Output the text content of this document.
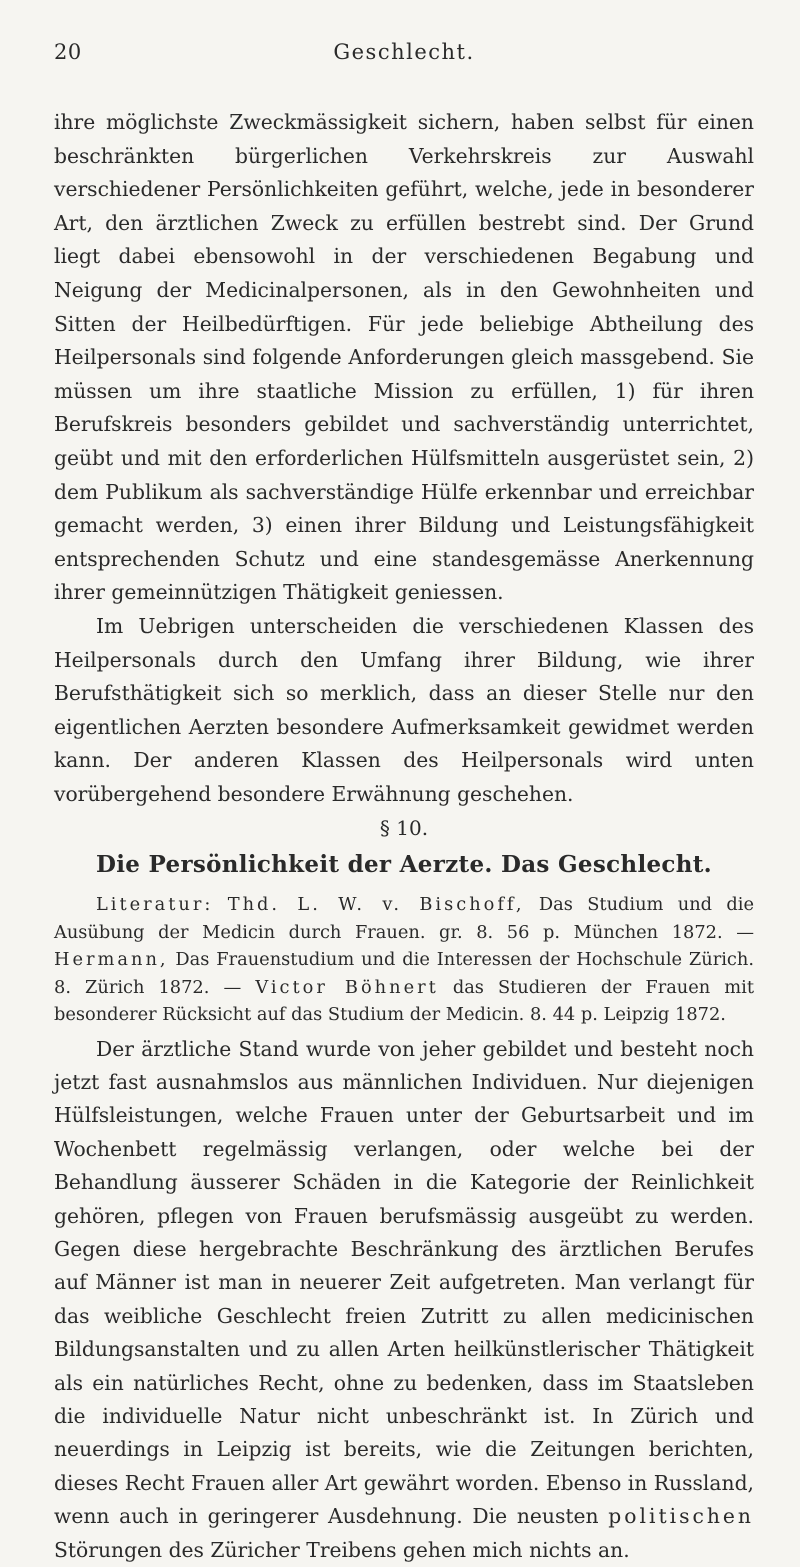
20	Geschlecht.

ihre möglichste Zweckmässigkeit sichern, haben selbst für einen beschränkten bürgerlichen Verkehrskreis zur Auswahl verschiedener Persönlichkeiten geführt, welche, jede in besonderer Art, den ärztlichen Zweck zu erfüllen bestrebt sind. Der Grund liegt dabei ebensowohl in der verschiedenen Begabung und Neigung der Medicinalpersonen, als in den Gewohnheiten und Sitten der Heilbedürftigen. Für jede beliebige Abtheilung des Heilpersonals sind folgende Anforderungen gleich massgebend. Sie müssen um ihre staatliche Mission zu erfüllen, 1) für ihren Berufskreis besonders gebildet und sachverständig unterrichtet, geübt und mit den erforderlichen Hülfsmitteln ausgerüstet sein, 2) dem Publikum als sachverständige Hülfe erkennbar und erreichbar gemacht werden, 3) einen ihrer Bildung und Leistungsfähigkeit entsprechenden Schutz und eine standesgemässe Anerkennung ihrer gemeinnützigen Thätigkeit geniessen.

Im Uebrigen unterscheiden die verschiedenen Klassen des Heilpersonals durch den Umfang ihrer Bildung, wie ihrer Berufsthätigkeit sich so merklich, dass an dieser Stelle nur den eigentlichen Aerzten besondere Aufmerksamkeit gewidmet werden kann. Der anderen Klassen des Heilpersonals wird unten vorübergehend besondere Erwähnung geschehen.

§ 10.
Die Persönlichkeit der Aerzte. Das Geschlecht.

Literatur: Thd. L. W. v. Bischoff, Das Studium und die Ausübung der Medicin durch Frauen. gr. 8. 56 p. München 1872. — Hermann, Das Frauenstudium und die Interessen der Hochschule Zürich. 8. Zürich 1872. — Victor Böhnert das Studieren der Frauen mit besonderer Rücksicht auf das Studium der Medicin. 8. 44 p. Leipzig 1872.

Der ärztliche Stand wurde von jeher gebildet und besteht noch jetzt fast ausnahmslos aus männlichen Individuen. Nur diejenigen Hülfsleistungen, welche Frauen unter der Geburtsarbeit und im Wochenbett regelmässig verlangen, oder welche bei der Behandlung äusserer Schäden in die Kategorie der Reinlichkeit gehören, pflegen von Frauen berufsmässig ausgeübt zu werden. Gegen diese hergebrachte Beschränkung des ärztlichen Berufes auf Männer ist man in neuerer Zeit aufgetreten. Man verlangt für das weibliche Geschlecht freien Zutritt zu allen medicinischen Bildungsanstalten und zu allen Arten heilkünstlerischer Thätigkeit als ein natürliches Recht, ohne zu bedenken, dass im Staatsleben die individuelle Natur nicht unbeschränkt ist. In Zürich und neuerdings in Leipzig ist bereits, wie die Zeitungen berichten, dieses Recht Frauen aller Art gewährt worden. Ebenso in Russland, wenn auch in geringerer Ausdehnung. Die neusten politischen Störungen des Züricher Treibens gehen mich nichts an.
